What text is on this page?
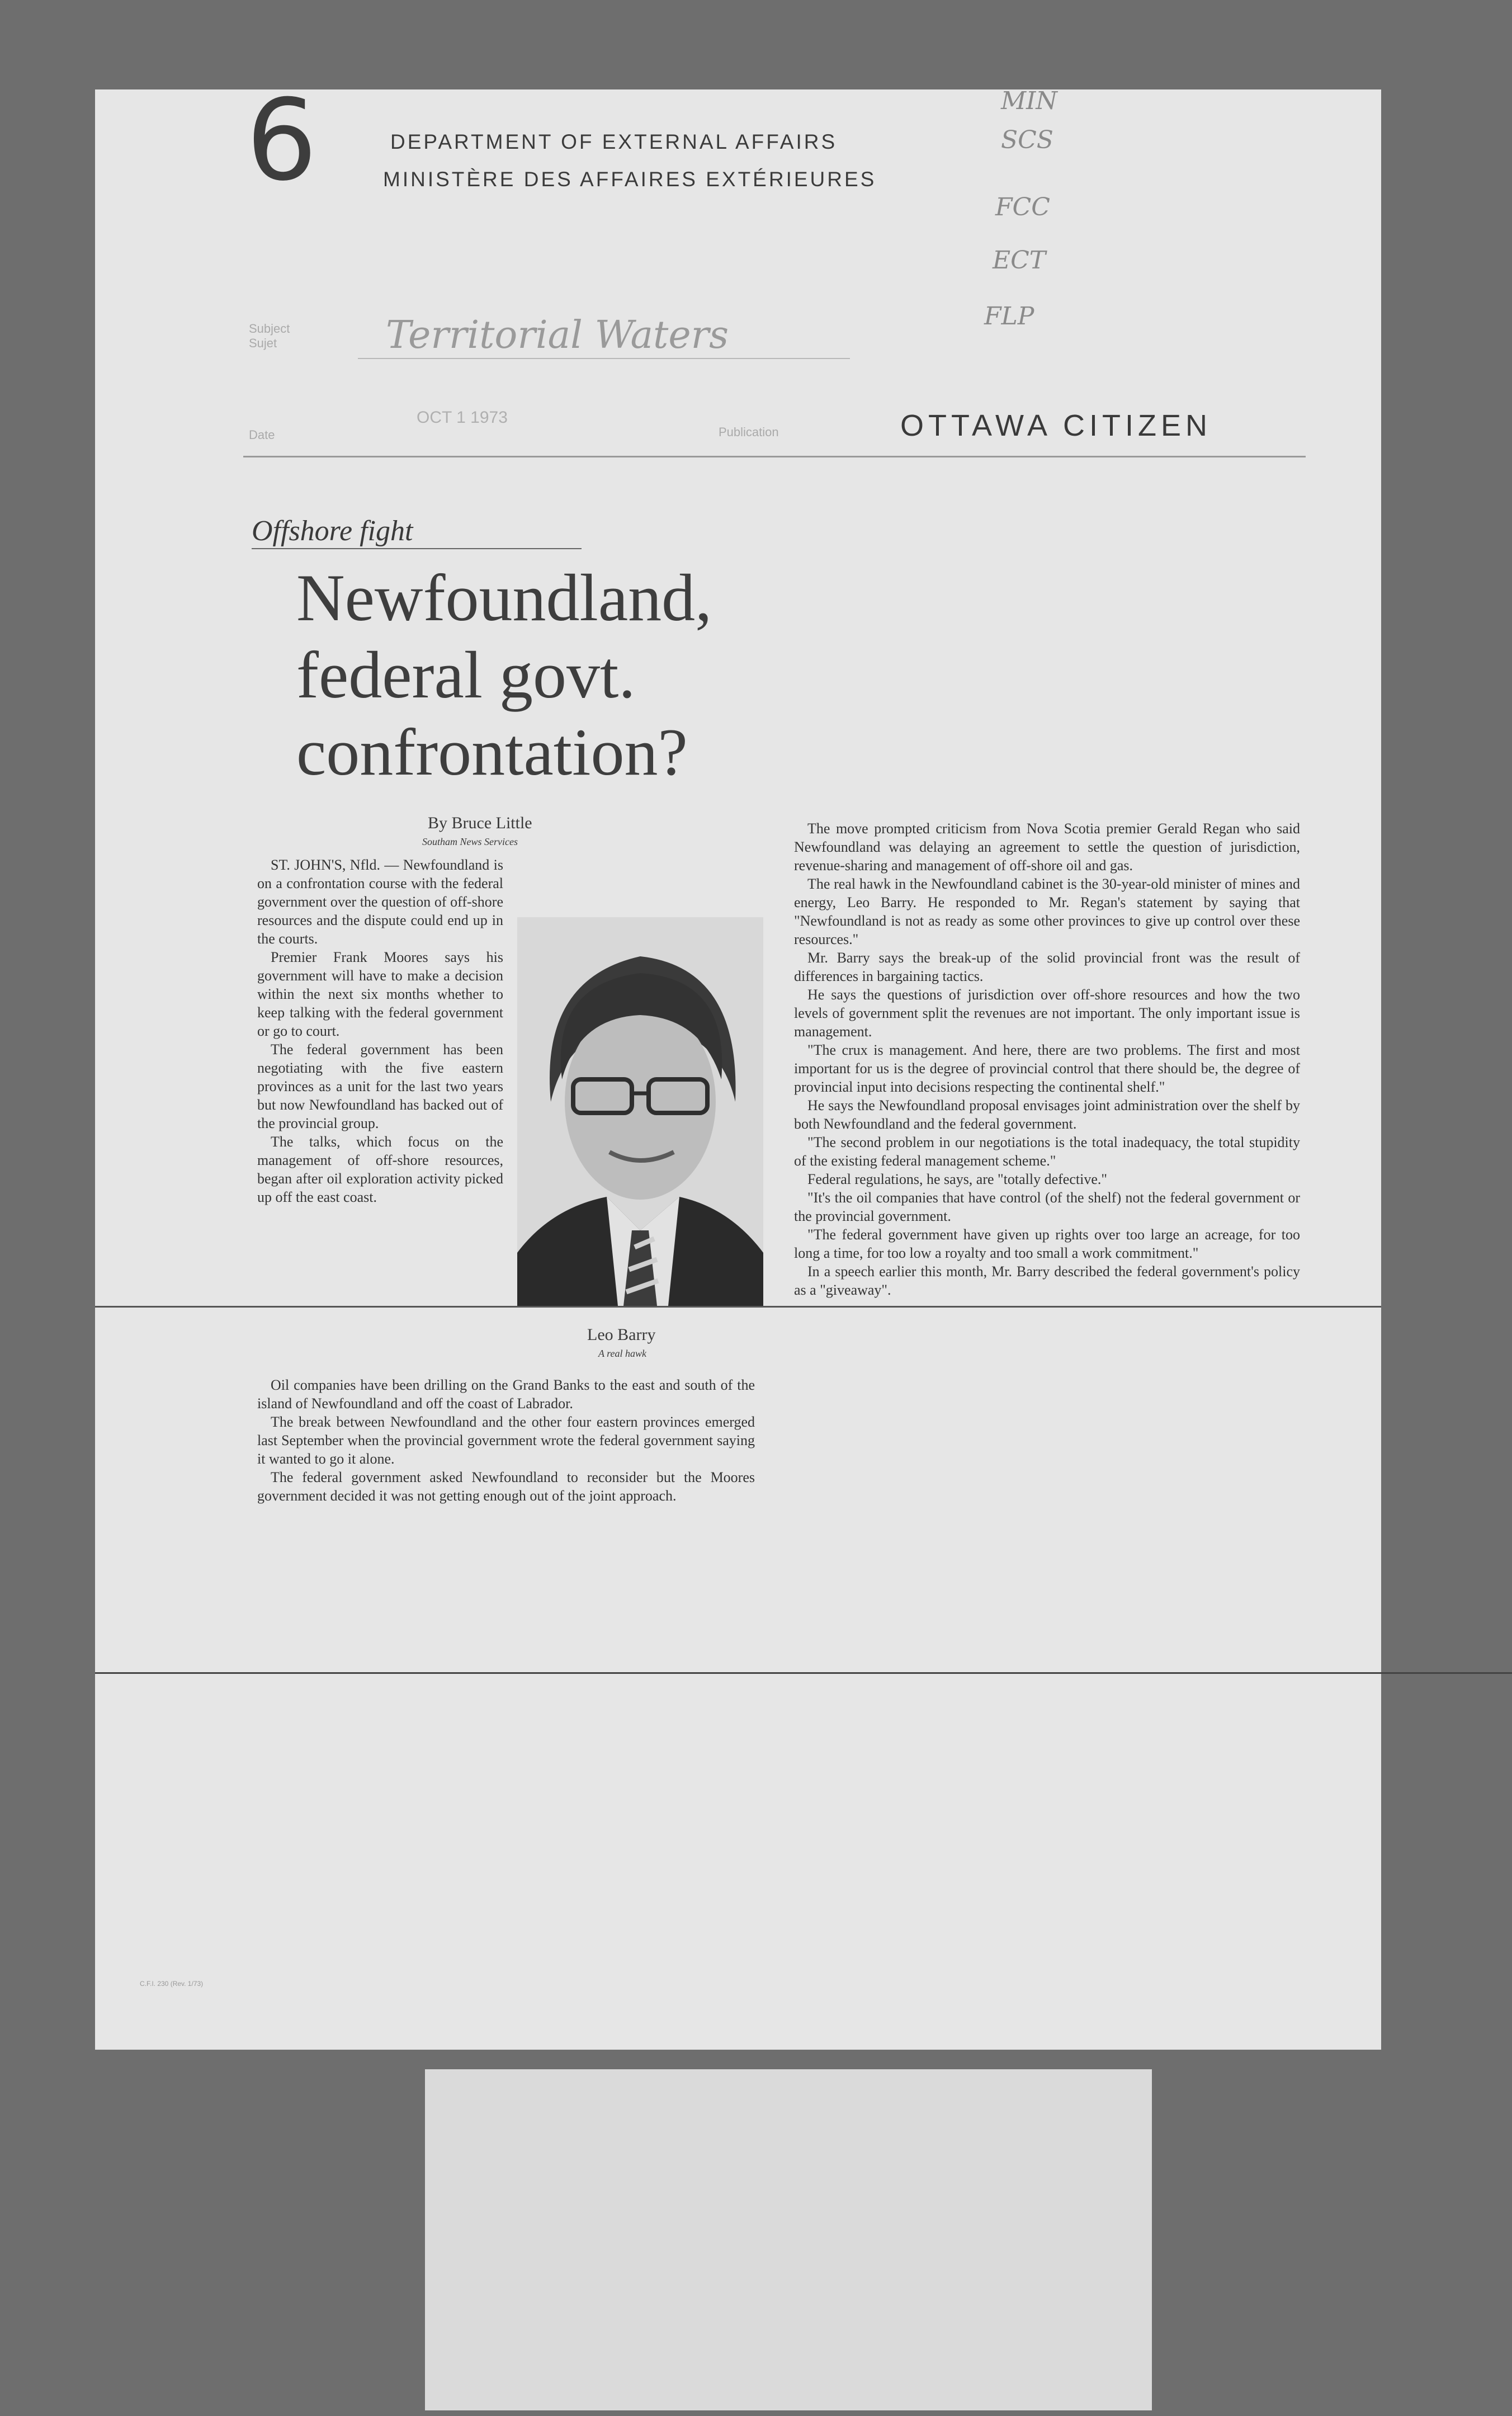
6	DEPARTMENT OF EXTERNAL AFFAIRS
MINISTÈRE DES AFFAIRES EXTÉRIEURES
MIN
SCS
FCC
ECT
FLP
Subject
Sujet	Territorial Waters
Date
OCT 1 1973
Publication	OTTAWA CITIZEN
Offshore fight
Newfoundland,
federal govt.
confrontation?
By Bruce Little
Southam News Services

ST. JOHN'S, Nfld. — Newfoundland is on a confrontation course with the federal government over the question of off-shore resources and the dispute could end up in the courts.

Premier Frank Moores says his government will have to make a decision within the next six months whether to keep talking with the federal government or go to court.

The federal government has been negotiating with the five eastern provinces as a unit for the last two years but now Newfoundland has backed out of the provincial group.

The talks, which focus on the management of off-shore resources, began after oil exploration activity picked up off the east coast.

Leo Barry
A real hawk

Oil companies have been drilling on the Grand Banks to the east and south of the island of Newfoundland and off the coast of Labrador.

The break between Newfoundland and the other four eastern provinces emerged last September when the provincial government wrote the federal government saying it wanted to go it alone.

The federal government asked Newfoundland to reconsider but the Moores government decided it was not getting enough out of the joint approach.

The move prompted criticism from Nova Scotia premier Gerald Regan who said Newfoundland was delaying an agreement to settle the question of jurisdiction, revenue-sharing and management of off-shore oil and gas.

The real hawk in the Newfoundland cabinet is the 30-year-old minister of mines and energy, Leo Barry. He responded to Mr. Regan's statement by saying that "Newfoundland is not as ready as some other provinces to give up control over these resources."

Mr. Barry says the break-up of the solid provincial front was the result of differences in bargaining tactics.

He says the questions of jurisdiction over off-shore resources and how the two levels of government split the revenues are not important. The only important issue is management.

"The crux is management. And here, there are two problems. The first and most important for us is the degree of provincial control that there should be, the degree of provincial input into decisions respecting the continental shelf."

He says the Newfoundland proposal envisages joint administration over the shelf by both Newfoundland and the federal government.

"The second problem in our negotiations is the total inadequacy, the total stupidity of the existing federal management scheme."

Federal regulations, he says, are "totally defective."

"It's the oil companies that have control (of the shelf) not the federal government or the provincial government.

"The federal government have given up rights over too large an acreage, for too long a time, for too low a royalty and too small a work commitment."

In a speech earlier this month, Mr. Barry described the federal government's policy as a "giveaway".

C.F.I. 230 (Rev. 1/73)
